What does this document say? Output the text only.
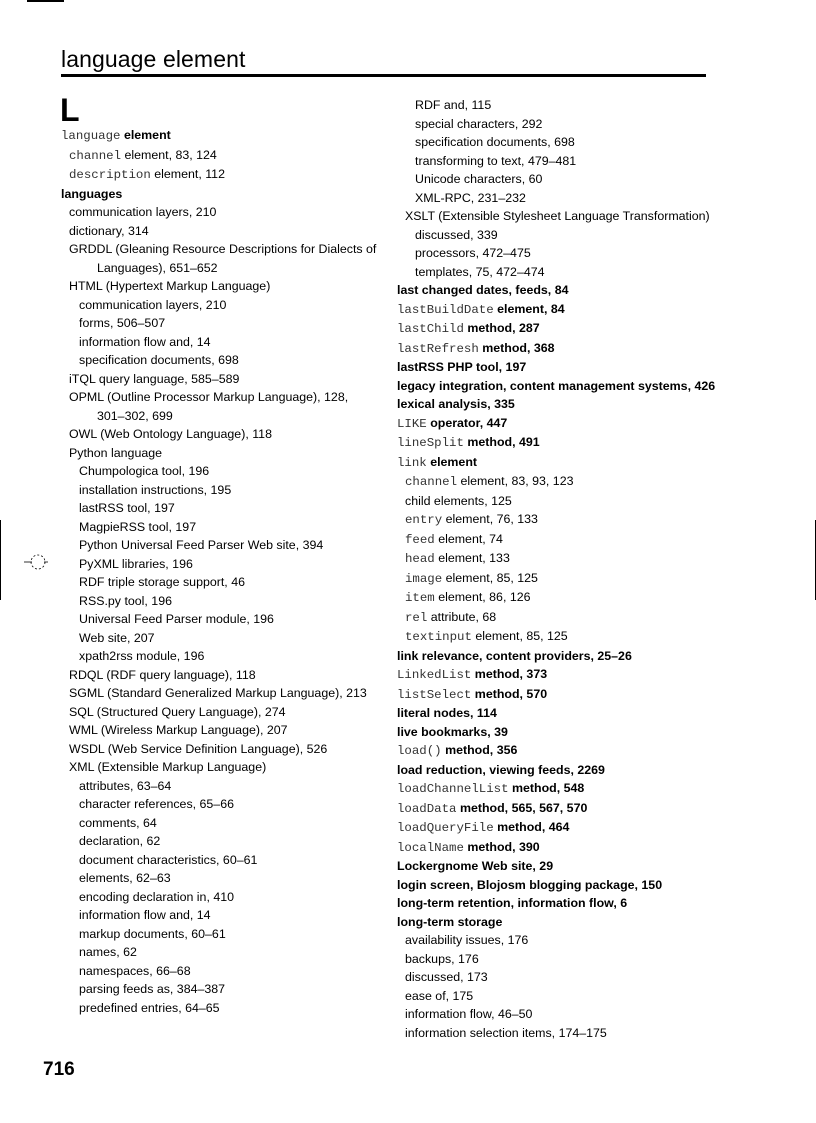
language element
L
language element
channel element, 83, 124
description element, 112
languages
communication layers, 210
dictionary, 314
GRDDL (Gleaning Resource Descriptions for Dialects of
Languages), 651–652
HTML (Hypertext Markup Language)
communication layers, 210
forms, 506–507
information flow and, 14
specification documents, 698
iTQL query language, 585–589
OPML (Outline Processor Markup Language), 128,
301–302, 699
OWL (Web Ontology Language), 118
Python language
Chumpologica tool, 196
installation instructions, 195
lastRSS tool, 197
MagpieRSS tool, 197
Python Universal Feed Parser Web site, 394
PyXML libraries, 196
RDF triple storage support, 46
RSS.py tool, 196
Universal Feed Parser module, 196
Web site, 207
xpath2rss module, 196
RDQL (RDF query language), 118
SGML (Standard Generalized Markup Language), 213
SQL (Structured Query Language), 274
WML (Wireless Markup Language), 207
WSDL (Web Service Definition Language), 526
XML (Extensible Markup Language)
attributes, 63–64
character references, 65–66
comments, 64
declaration, 62
document characteristics, 60–61
elements, 62–63
encoding declaration in, 410
information flow and, 14
markup documents, 60–61
names, 62
namespaces, 66–68
parsing feeds as, 384–387
predefined entries, 64–65
RDF and, 115
special characters, 292
specification documents, 698
transforming to text, 479–481
Unicode characters, 60
XML-RPC, 231–232
XSLT (Extensible Stylesheet Language Transformation)
discussed, 339
processors, 472–475
templates, 75, 472–474
last changed dates, feeds, 84
lastBuildDate element, 84
lastChild method, 287
lastRefresh method, 368
lastRSS PHP tool, 197
legacy integration, content management systems, 426
lexical analysis, 335
LIKE operator, 447
lineSplit method, 491
link element
channel element, 83, 93, 123
child elements, 125
entry element, 76, 133
feed element, 74
head element, 133
image element, 85, 125
item element, 86, 126
rel attribute, 68
textinput element, 85, 125
link relevance, content providers, 25–26
LinkedList method, 373
listSelect method, 570
literal nodes, 114
live bookmarks, 39
load() method, 356
load reduction, viewing feeds, 2269
loadChannelList method, 548
loadData method, 565, 567, 570
loadQueryFile method, 464
localName method, 390
Lockergnome Web site, 29
login screen, Blojosm blogging package, 150
long-term retention, information flow, 6
long-term storage
availability issues, 176
backups, 176
discussed, 173
ease of, 175
information flow, 46–50
information selection items, 174–175
716
